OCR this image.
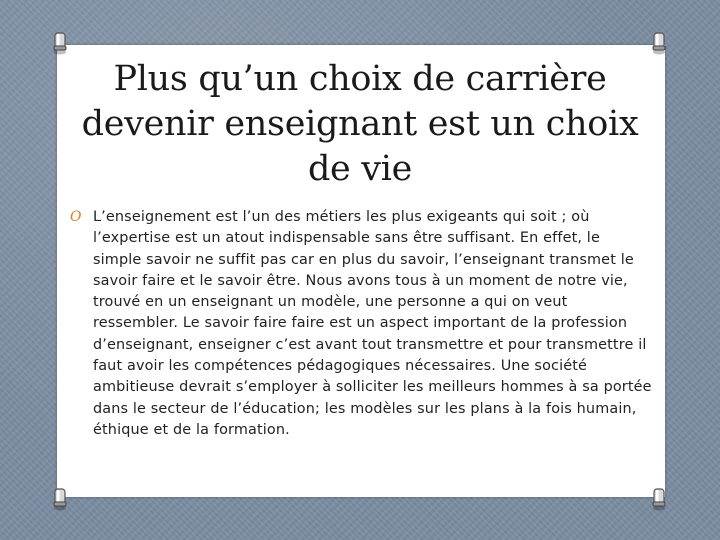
Plus qu’un choix de carrière
devenir enseignant est un choix
de vie
O L’enseignement est l’un des métiers les plus exigeants qui soit ; où l’expertise est un atout indispensable sans être suffisant. En effet, le simple savoir ne suffit pas car en plus du savoir, l’enseignant transmet le savoir faire et le savoir être. Nous avons tous à un moment de notre vie, trouvé en un enseignant un modèle, une personne a qui on veut ressembler. Le savoir faire faire est un aspect important de la profession d’enseignant, enseigner c’est avant tout transmettre et pour transmettre il faut avoir les compétences pédagogiques nécessaires. Une société ambitieuse devrait s’employer à solliciter les meilleurs hommes à sa portée dans le secteur de l’éducation; les modèles sur les plans à la fois humain, éthique et de la formation.
